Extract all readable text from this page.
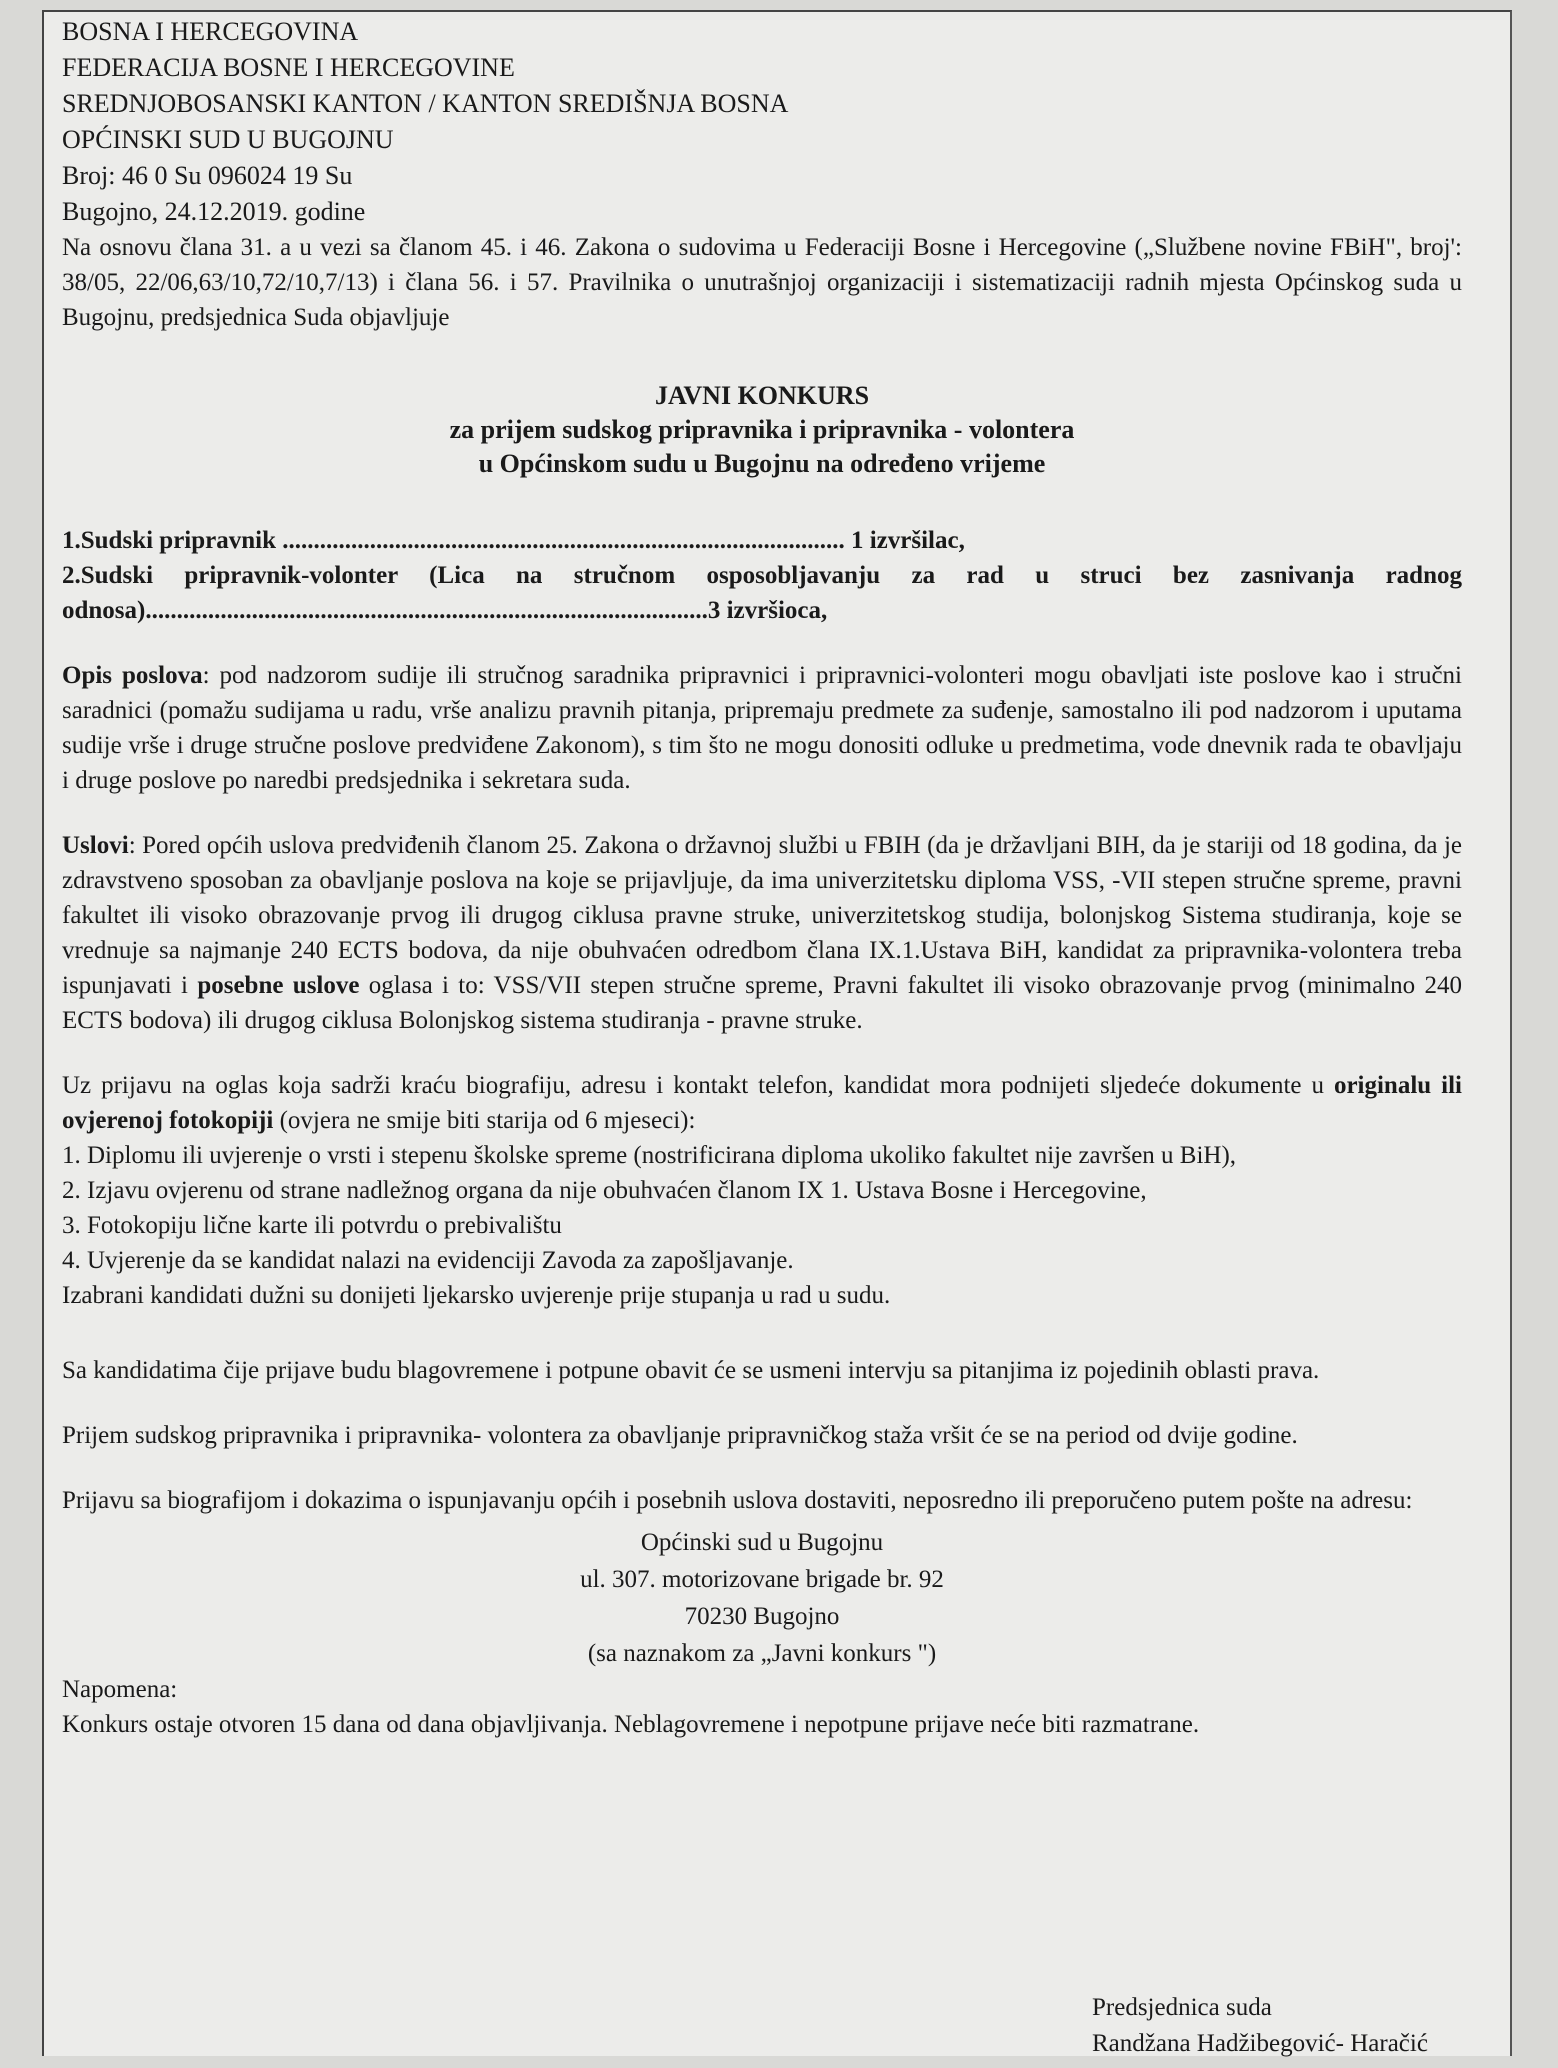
BOSNA I HERCEGOVINA

FEDERACIJA BOSNE I HERCEGOVINE

SREDNJOBOSANSKI KANTON / KANTON SREDIŠNJA BOSNA

OPĆINSKI SUD U BUGOJNU

Broj: 46 0 Su 096024 19 Su

Bugojno, 24.12.2019. godine

Na osnovu člana 31. a u vezi sa članom 45. i 46. Zakona o sudovima u Federaciji Bosne i Hercegovine („Službene novine FBiH", broj': 38/05, 22/06,63/10,72/10,7/13) i člana 56. i 57. Pravilnika o unutrašnjoj organizaciji i sistematizaciji radnih mjesta Općinskog suda u Bugojnu, predsjednica Suda objavljuje

JAVNI KONKURS

za prijem sudskog pripravnika i pripravnika - volontera

u Općinskom sudu u Bugojnu na određeno vrijeme

1.Sudski pripravnik .......................................................................................... 1 izvršilac,

2.Sudski pripravnik-volonter (Lica na stručnom osposobljavanju za rad u struci bez zasnivanja radnog odnosa)..........................................................................................3 izvršioca,

Opis poslova: pod nadzorom sudije ili stručnog saradnika pripravnici i pripravnici-volonteri mogu obavljati iste poslove kao i stručni saradnici (pomažu sudijama u radu, vrše analizu pravnih pitanja, pripremaju predmete za suđenje, samostalno ili pod nadzorom i uputama sudije vrše i druge stručne poslove predviđene Zakonom), s tim što ne mogu donositi odluke u predmetima, vode dnevnik rada te obavljaju i druge poslove po naredbi predsjednika i sekretara suda.

Uslovi: Pored općih uslova predviđenih članom 25. Zakona o državnoj službi u FBIH (da je državljani BIH, da je stariji od 18 godina, da je zdravstveno sposoban za obavljanje poslova na koje se prijavljuje, da ima univerzitetsku diploma VSS, -VII stepen stručne spreme, pravni fakultet ili visoko obrazovanje prvog ili drugog ciklusa pravne struke, univerzitetskog studija, bolonjskog Sistema studiranja, koje se vrednuje sa najmanje 240 ECTS bodova, da nije obuhvaćen odredbom člana IX.1.Ustava BiH, kandidat za pripravnika-volontera treba ispunjavati i posebne uslove oglasa i to: VSS/VII stepen stručne spreme, Pravni fakultet ili visoko obrazovanje prvog (minimalno 240 ECTS bodova) ili drugog ciklusa Bolonjskog sistema studiranja - pravne struke.

Uz prijavu na oglas koja sadrži kraću biografiju, adresu i kontakt telefon, kandidat mora podnijeti sljedeće dokumente u originalu ili ovjerenoj fotokopiji (ovjera ne smije biti starija od 6 mjeseci):

1. Diplomu ili uvjerenje o vrsti i stepenu školske spreme (nostrificirana diploma ukoliko fakultet nije završen u BiH),

2. Izjavu ovjerenu od strane nadležnog organa da nije obuhvaćen članom IX 1. Ustava Bosne i Hercegovine,

3. Fotokopiju lične karte ili potvrdu o prebivalištu

4. Uvjerenje da se kandidat nalazi na evidenciji Zavoda za zapošljavanje.

Izabrani kandidati dužni su donijeti ljekarsko uvjerenje prije stupanja u rad u sudu.

Sa kandidatima čije prijave budu blagovremene i potpune obavit će se usmeni intervju sa pitanjima iz pojedinih oblasti prava.

Prijem sudskog pripravnika i pripravnika- volontera za obavljanje pripravničkog staža vršit će se na period od dvije godine.

Prijavu sa biografijom i dokazima o ispunjavanju općih i posebnih uslova dostaviti, neposredno ili preporučeno putem pošte na adresu:

Općinski sud u Bugojnu

ul. 307. motorizovane brigade br. 92

70230 Bugojno

(sa naznakom za „Javni konkurs ")

Napomena:

Konkurs ostaje otvoren 15 dana od dana objavljivanja. Neblagovremene i nepotpune prijave neće biti razmatrane.

Predsjednica suda

Randžana Hadžibegović- Haračić
